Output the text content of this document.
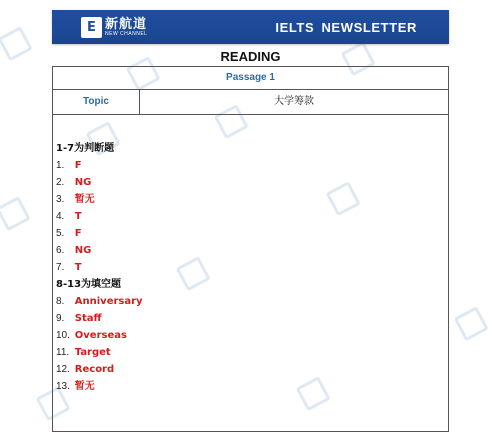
E 新航道
NEW CHANNEL	IELTS NEWSLETTER
READING
Passage 1
Topic	大学筹款
1-7为判断题
1. F
2. NG
3. 暂无
4. T
5. F
6. NG
7. T
8-13为填空题
8. Anniversary
9. Staff
10. Overseas
11. Target
12. Record
13. 暂无
